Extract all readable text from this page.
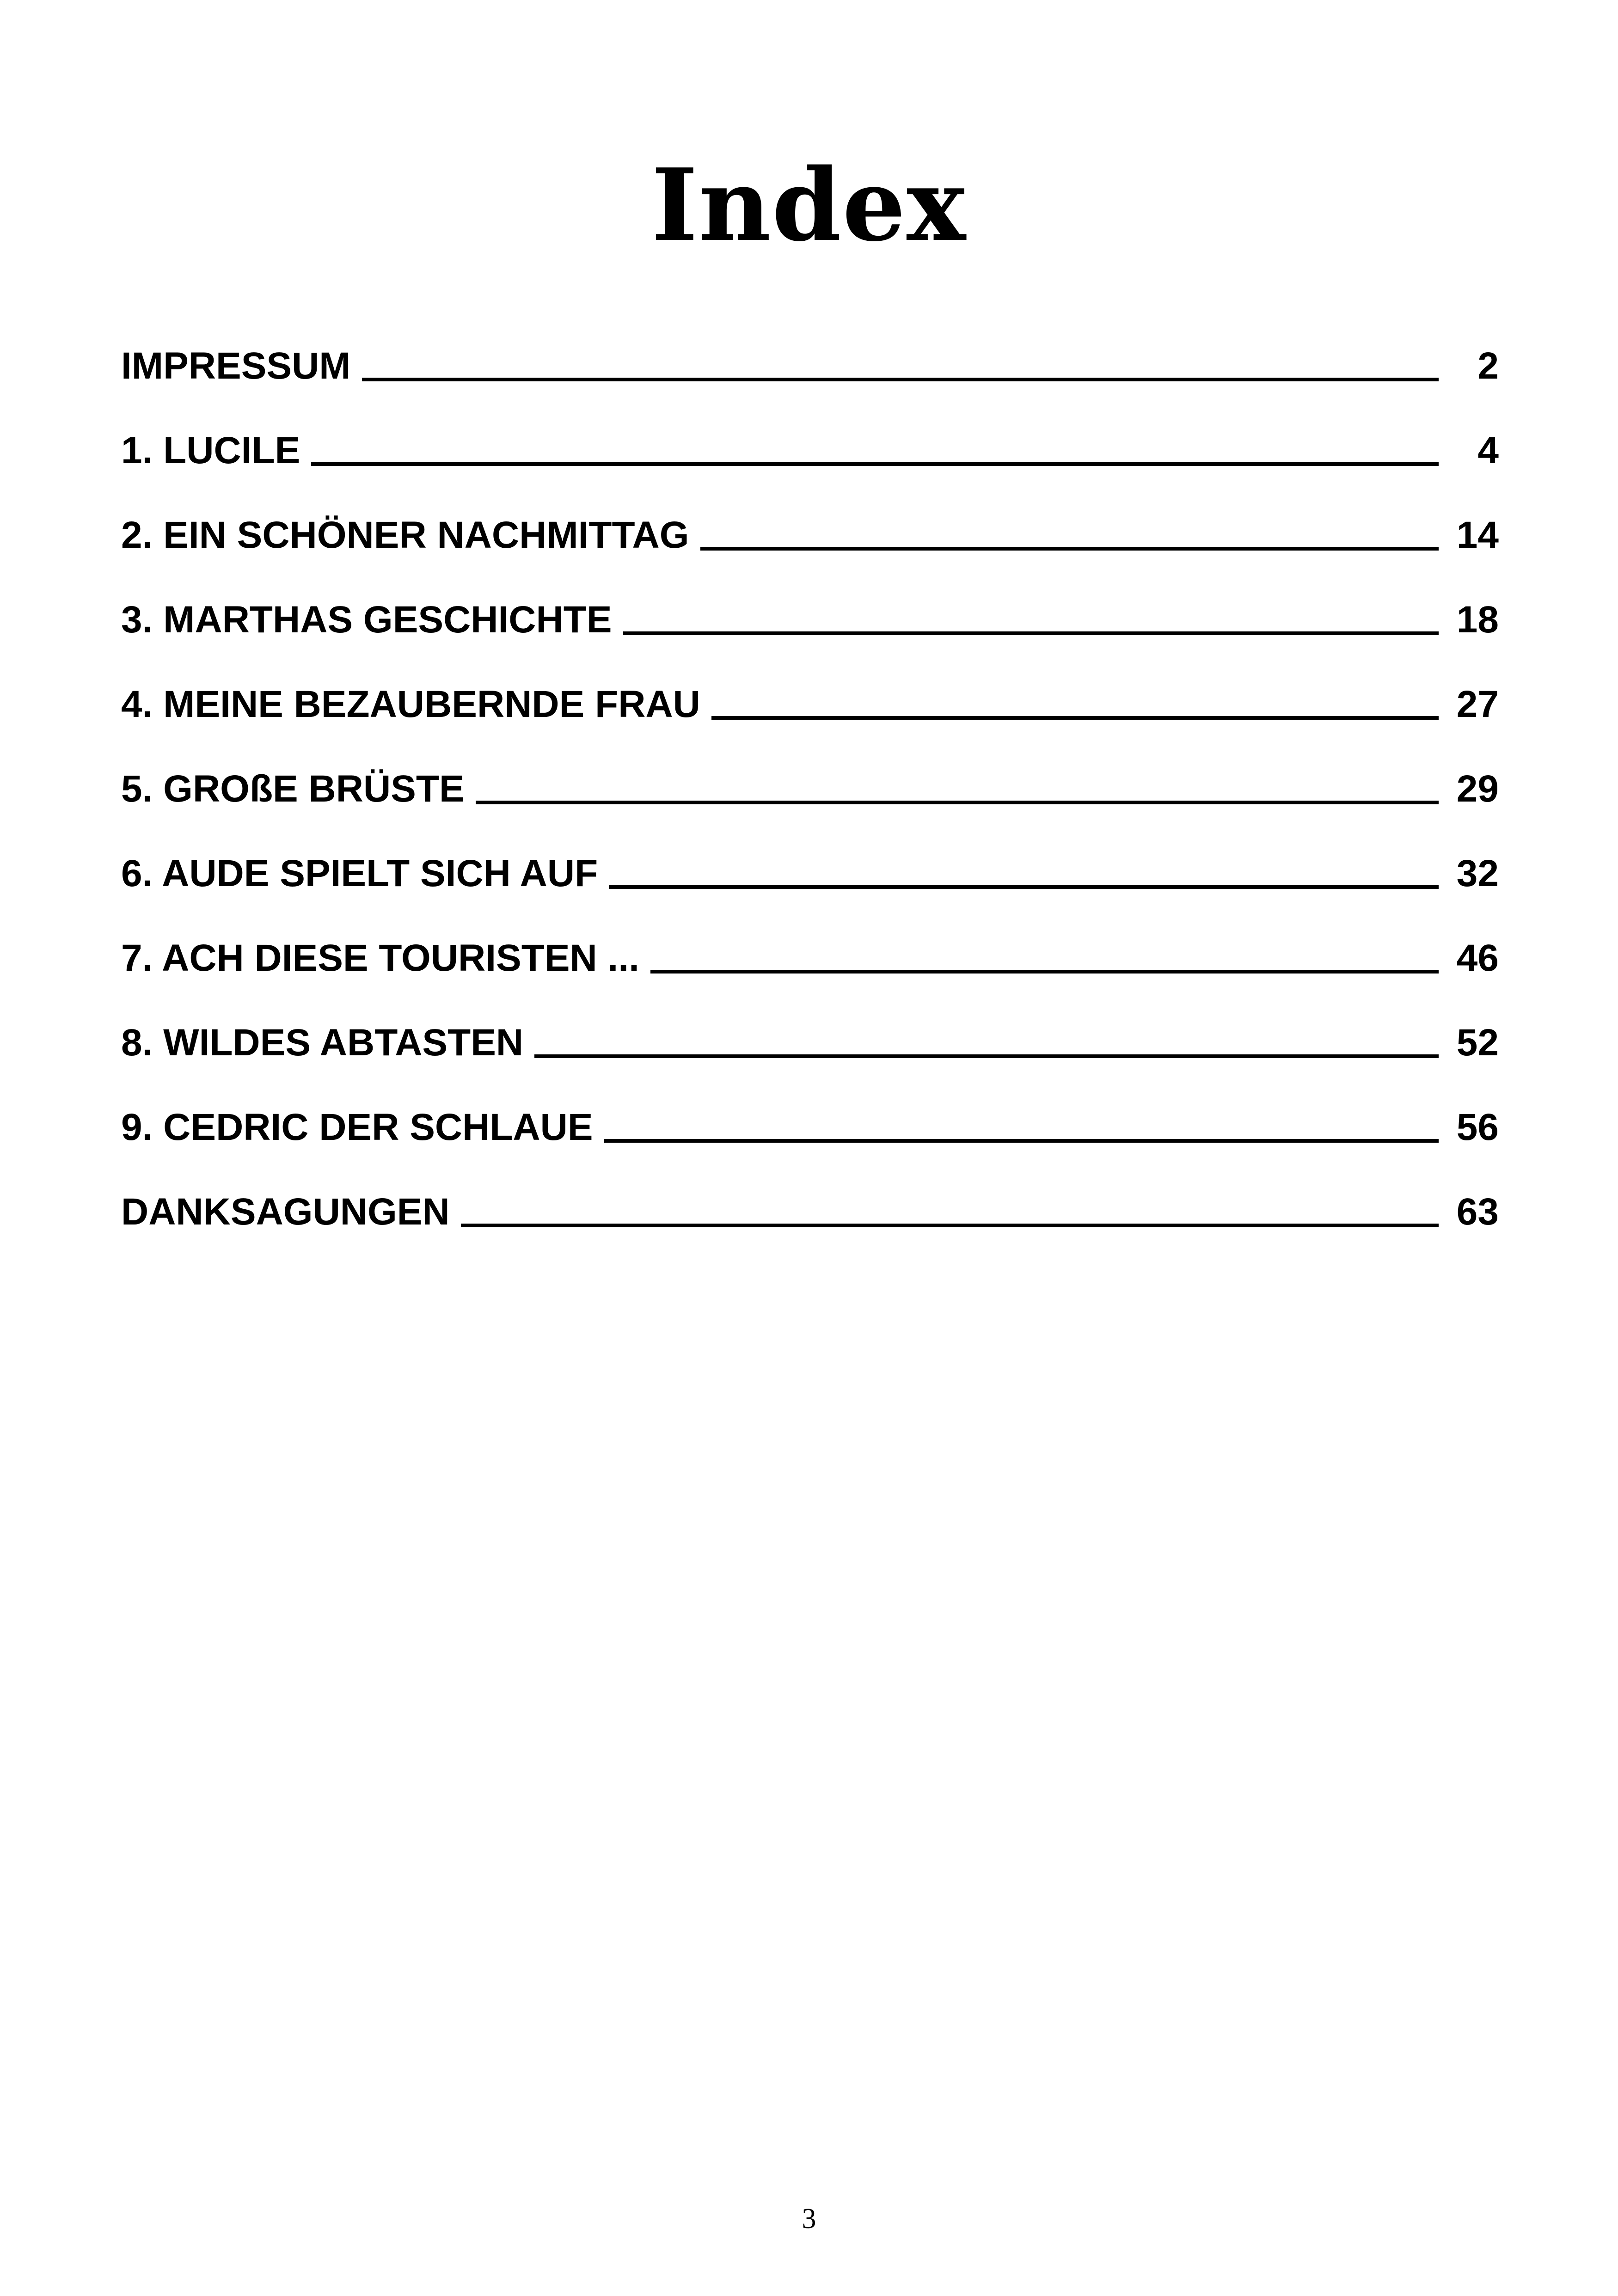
Index
IMPRESSUM	2
1. LUCILE	4
2. EIN SCHÖNER NACHMITTAG	14
3. MARTHAS GESCHICHTE	18
4. MEINE BEZAUBERNDE FRAU	27
5. GROßE BRÜSTE	29
6. AUDE SPIELT SICH AUF	32
7. ACH DIESE TOURISTEN ...	46
8. WILDES ABTASTEN	52
9. CEDRIC DER SCHLAUE	56
DANKSAGUNGEN	63
3
